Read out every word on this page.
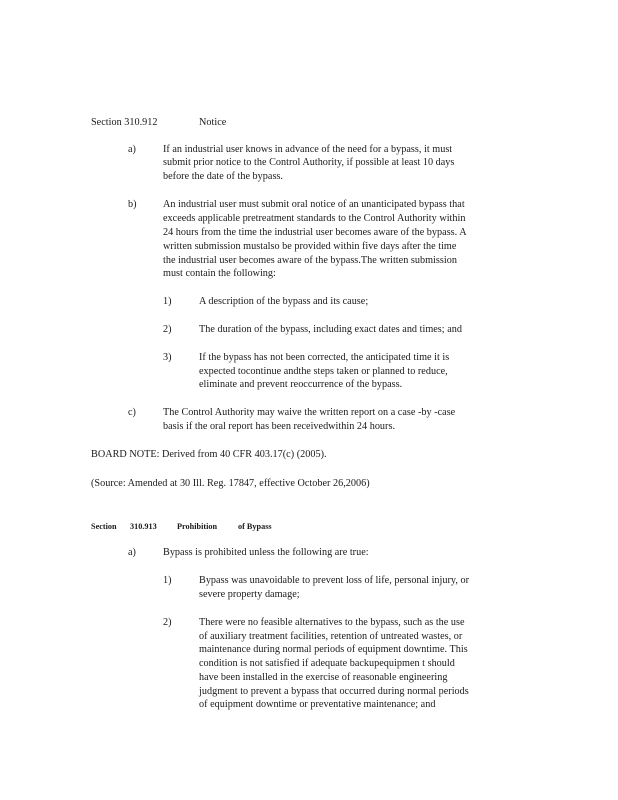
Section 310.912	Notice
a)	If an industrial user knows in advance of the need for a bypass, it must
submit prior notice to the Control Authority, if possible at least 10 days
before the date of the bypass.
b)	An industrial user must submit oral notice of an unanticipated bypass that
exceeds applicable pretreatment standards to the Control Authority within
24 hours from the time the industrial user becomes aware of the bypass. A
written submission mustalso be provided within five days after the time
the industrial user becomes aware of the bypass.The written submission
must contain the following:
1)	A description of the bypass and its cause;
2)	The duration of the bypass, including exact dates and times; and
3)	If the bypass has not been corrected, the anticipated time it is
expected tocontinue andthe steps taken or planned to reduce,
eliminate and prevent reoccurrence of the bypass.
c)	The Control Authority may waive the written report on a case -by -case
basis if the oral report has been receivedwithin 24 hours.
BOARD NOTE: Derived from 40 CFR 403.17(c) (2005).
(Source: Amended at 30 Ill. Reg. 17847, effective October 26,2006)
Section 310.913 Prohibition	of Bypass
a)	Bypass is prohibited unless the following are true:
1)	Bypass was unavoidable to prevent loss of life, personal injury, or
severe property damage;
2)	There were no feasible alternatives to the bypass, such as the use
of auxiliary treatment facilities, retention of untreated wastes, or
maintenance during normal periods of equipment downtime. This
condition is not satisfied if adequate backupequipmen t should
have been installed in the exercise of reasonable engineering
judgment to prevent a bypass that occurred during normal periods
of equipment downtime or preventative maintenance; and
